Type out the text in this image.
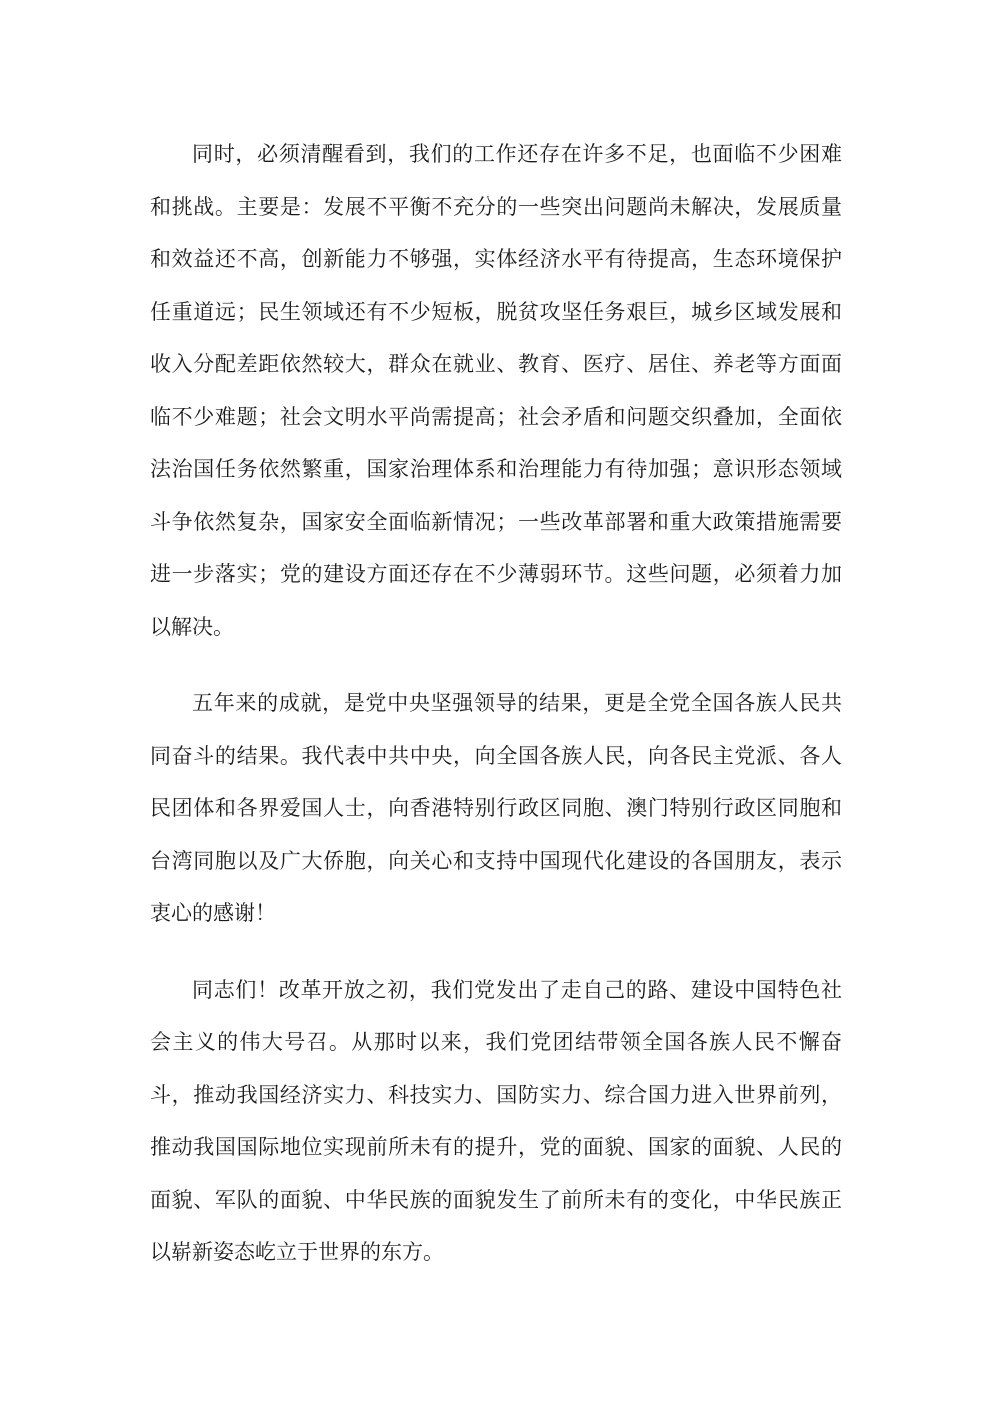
同时，必须清醒看到，我们的工作还存在许多不足，也面临不少困难和挑战。主要是：发展不平衡不充分的一些突出问题尚未解决，发展质量和效益还不高，创新能力不够强，实体经济水平有待提高，生态环境保护任重道远；民生领域还有不少短板，脱贫攻坚任务艰巨，城乡区域发展和收入分配差距依然较大，群众在就业、教育、医疗、居住、养老等方面面临不少难题；社会文明水平尚需提高；社会矛盾和问题交织叠加，全面依法治国任务依然繁重，国家治理体系和治理能力有待加强；意识形态领域斗争依然复杂，国家安全面临新情况；一些改革部署和重大政策措施需要进一步落实；党的建设方面还存在不少薄弱环节。这些问题，必须着力加以解决。

五年来的成就，是党中央坚强领导的结果，更是全党全国各族人民共同奋斗的结果。我代表中共中央，向全国各族人民，向各民主党派、各人民团体和各界爱国人士，向香港特别行政区同胞、澳门特别行政区同胞和台湾同胞以及广大侨胞，向关心和支持中国现代化建设的各国朋友，表示衷心的感谢！

同志们！改革开放之初，我们党发出了走自己的路、建设中国特色社会主义的伟大号召。从那时以来，我们党团结带领全国各族人民不懈奋斗，推动我国经济实力、科技实力、国防实力、综合国力进入世界前列，推动我国国际地位实现前所未有的提升，党的面貌、国家的面貌、人民的面貌、军队的面貌、中华民族的面貌发生了前所未有的变化，中华民族正以崭新姿态屹立于世界的东方。
